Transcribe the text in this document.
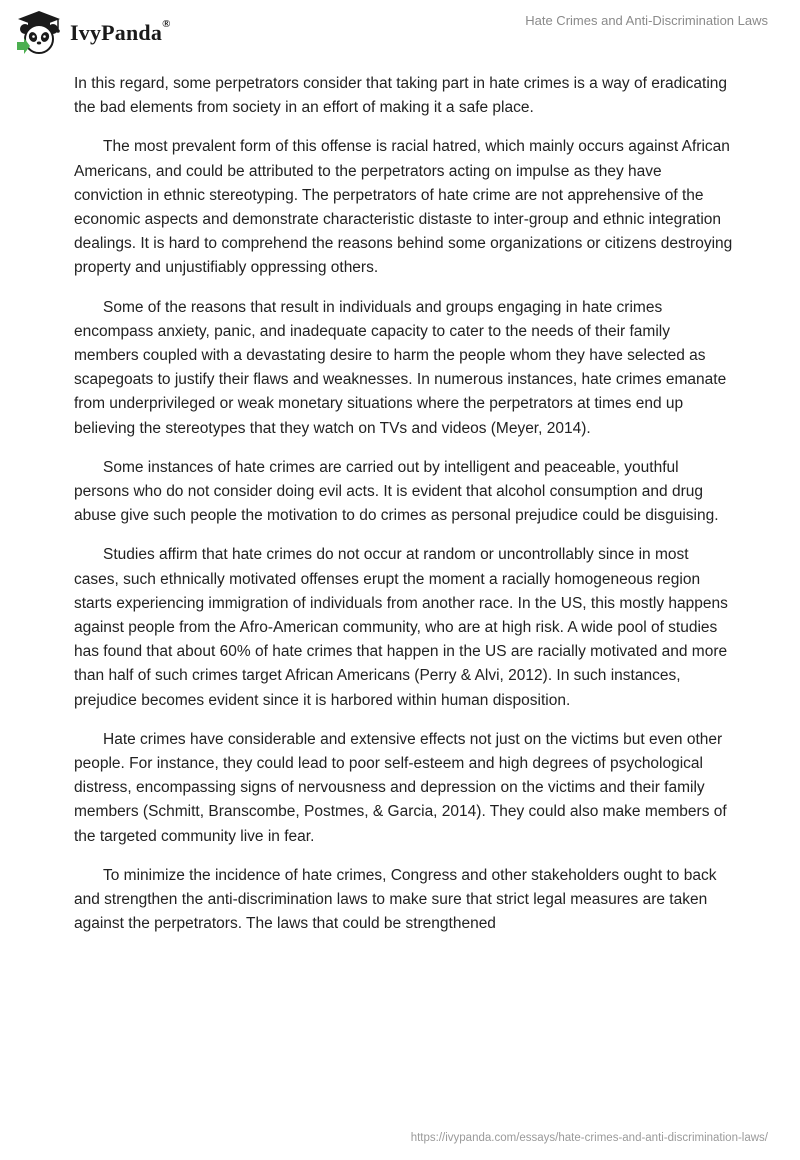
IvyPanda®	Hate Crimes and Anti-Discrimination Laws

In this regard, some perpetrators consider that taking part in hate crimes is a way of eradicating the bad elements from society in an effort of making it a safe place.

The most prevalent form of this offense is racial hatred, which mainly occurs against African Americans, and could be attributed to the perpetrators acting on impulse as they have conviction in ethnic stereotyping. The perpetrators of hate crime are not apprehensive of the economic aspects and demonstrate characteristic distaste to inter-group and ethnic integration dealings. It is hard to comprehend the reasons behind some organizations or citizens destroying property and unjustifiably oppressing others.

Some of the reasons that result in individuals and groups engaging in hate crimes encompass anxiety, panic, and inadequate capacity to cater to the needs of their family members coupled with a devastating desire to harm the people whom they have selected as scapegoats to justify their flaws and weaknesses. In numerous instances, hate crimes emanate from underprivileged or weak monetary situations where the perpetrators at times end up believing the stereotypes that they watch on TVs and videos (Meyer, 2014).

Some instances of hate crimes are carried out by intelligent and peaceable, youthful persons who do not consider doing evil acts. It is evident that alcohol consumption and drug abuse give such people the motivation to do crimes as personal prejudice could be disguising.

Studies affirm that hate crimes do not occur at random or uncontrollably since in most cases, such ethnically motivated offenses erupt the moment a racially homogeneous region starts experiencing immigration of individuals from another race. In the US, this mostly happens against people from the Afro-American community, who are at high risk. A wide pool of studies has found that about 60% of hate crimes that happen in the US are racially motivated and more than half of such crimes target African Americans (Perry & Alvi, 2012). In such instances, prejudice becomes evident since it is harbored within human disposition.

Hate crimes have considerable and extensive effects not just on the victims but even other people. For instance, they could lead to poor self-esteem and high degrees of psychological distress, encompassing signs of nervousness and depression on the victims and their family members (Schmitt, Branscombe, Postmes, & Garcia, 2014). They could also make members of the targeted community live in fear.

To minimize the incidence of hate crimes, Congress and other stakeholders ought to back and strengthen the anti-discrimination laws to make sure that strict legal measures are taken against the perpetrators. The laws that could be strengthened

https://ivypanda.com/essays/hate-crimes-and-anti-discrimination-laws/
